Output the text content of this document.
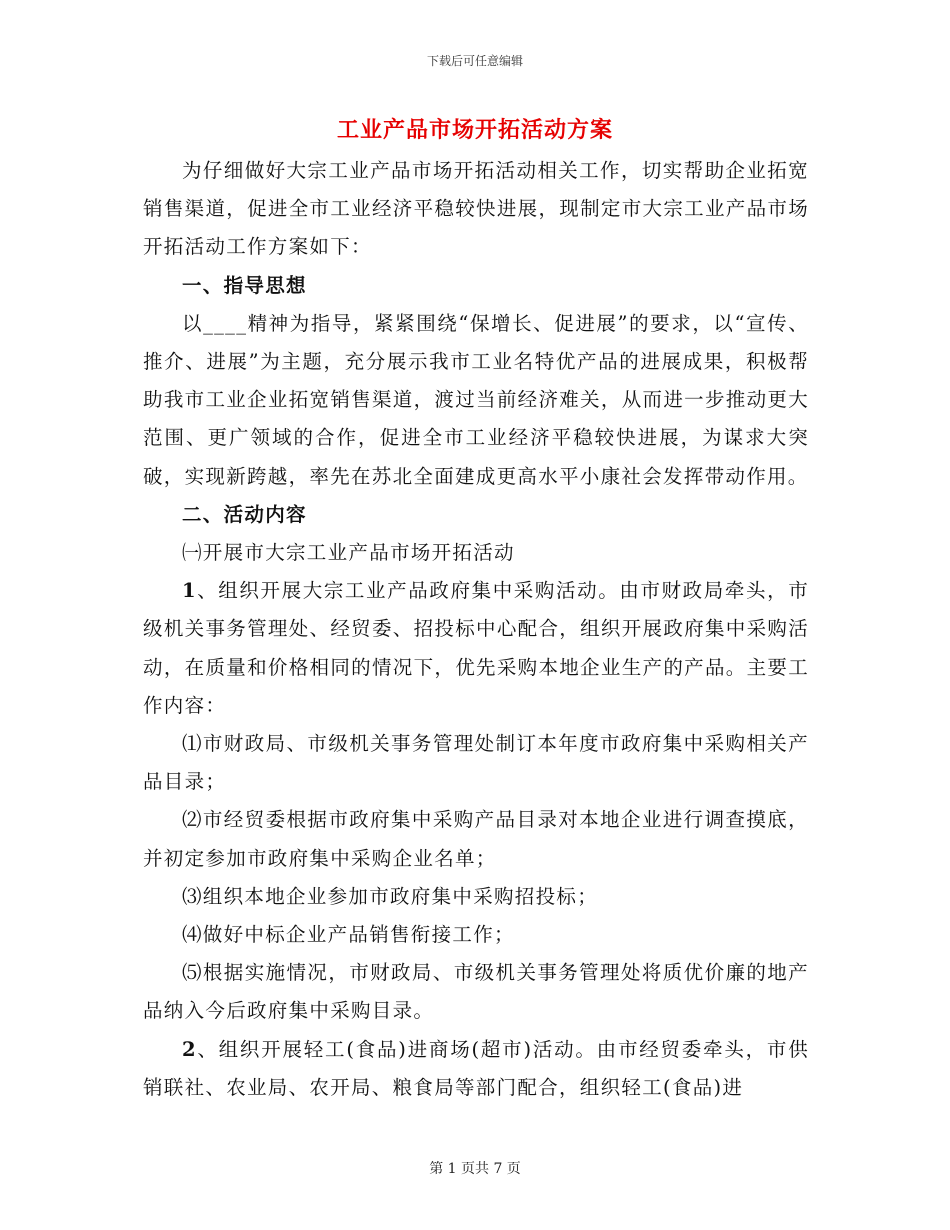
下载后可任意编辑
工业产品市场开拓活动方案

为仔细做好大宗工业产品市场开拓活动相关工作，切实帮助企业拓宽销售渠道，促进全市工业经济平稳较快进展，现制定市大宗工业产品市场开拓活动工作方案如下：

一、指导思想

以____精神为指导，紧紧围绕“保增长、促进展”的要求，以“宣传、推介、进展”为主题，充分展示我市工业名特优产品的进展成果，积极帮助我市工业企业拓宽销售渠道，渡过当前经济难关，从而进一步推动更大范围、更广领域的合作，促进全市工业经济平稳较快进展，为谋求大突破，实现新跨越，率先在苏北全面建成更高水平小康社会发挥带动作用。

二、活动内容

㈠开展市大宗工业产品市场开拓活动

1、组织开展大宗工业产品政府集中采购活动。由市财政局牵头，市级机关事务管理处、经贸委、招投标中心配合，组织开展政府集中采购活动，在质量和价格相同的情况下，优先采购本地企业生产的产品。主要工作内容：

⑴市财政局、市级机关事务管理处制订本年度市政府集中采购相关产品目录；

⑵市经贸委根据市政府集中采购产品目录对本地企业进行调查摸底，并初定参加市政府集中采购企业名单；

⑶组织本地企业参加市政府集中采购招投标；

⑷做好中标企业产品销售衔接工作；

⑸根据实施情况，市财政局、市级机关事务管理处将质优价廉的地产品纳入今后政府集中采购目录。

2、组织开展轻工(食品)进商场(超市)活动。由市经贸委牵头，市供销联社、农业局、农开局、粮食局等部门配合，组织轻工(食品)进

第 1 页共 7 页
